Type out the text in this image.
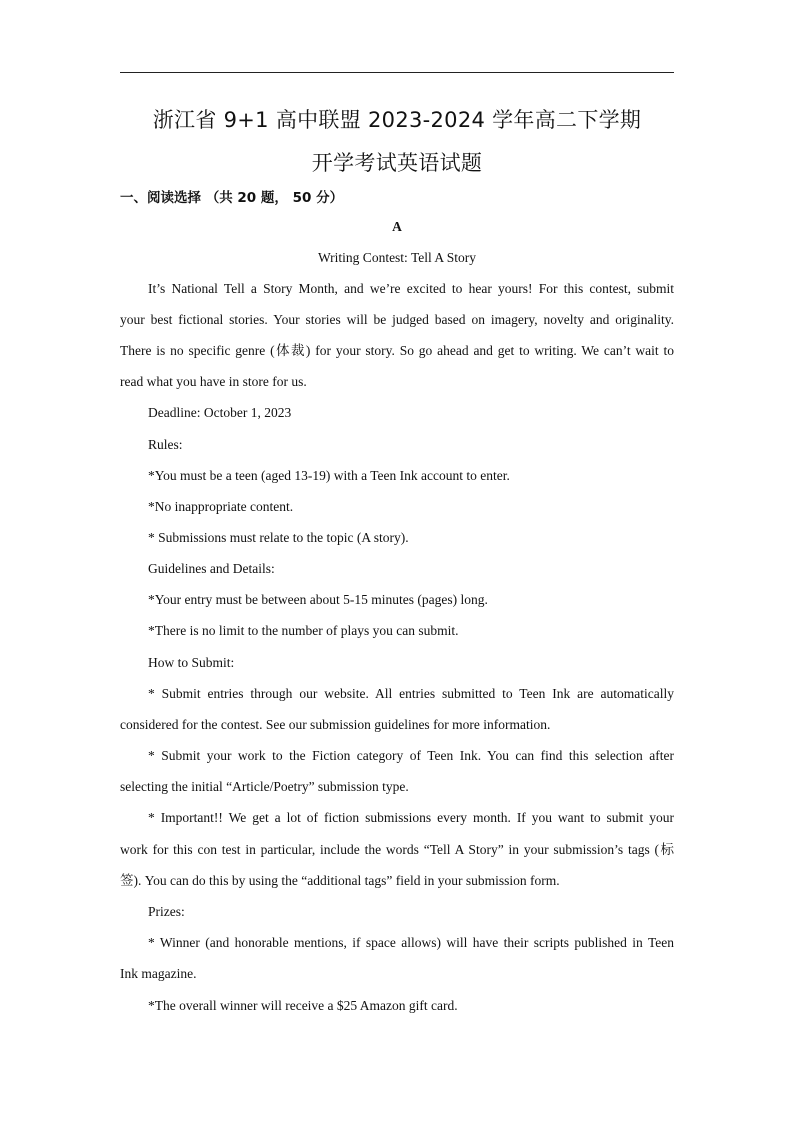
浙江省 9+1 高中联盟 2023-2024 学年高二下学期
开学考试英语试题
一、阅读选择 （共 20 题， 50 分）
A
Writing Contest: Tell A Story
It’s National Tell a Story Month, and we’re excited to hear yours! For this contest, submit
your best fictional stories. Your stories will be judged based on imagery, novelty and originality.
There is no specific genre (体裁) for your story. So go ahead and get to writing. We can’t wait to
read what you have in store for us.
Deadline: October 1, 2023
Rules:
*You must be a teen (aged 13-19) with a Teen Ink account to enter.
*No inappropriate content.
* Submissions must relate to the topic (A story).
Guidelines and Details:
*Your entry must be between about 5-15 minutes (pages) long.
*There is no limit to the number of plays you can submit.
How to Submit:
* Submit entries through our website. All entries submitted to Teen Ink are automatically
considered for the contest. See our submission guidelines for more information.
* Submit your work to the Fiction category of Teen Ink. You can find this selection after
selecting the initial “Article/Poetry” submission type.
* Important!! We get a lot of fiction submissions every month. If you want to submit your
work for this con test in particular, include the words “Tell A Story” in your submission’s tags (标
签). You can do this by using the “additional tags” field in your submission form.
Prizes:
* Winner (and honorable mentions, if space allows) will have their scripts published in Teen
Ink magazine.
*The overall winner will receive a $25 Amazon gift card.
